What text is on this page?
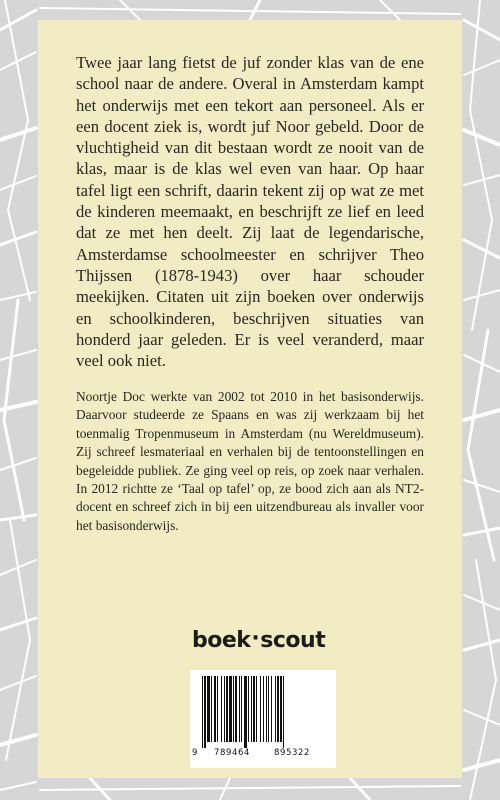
Twee jaar lang fietst de juf zonder klas van de ene school naar de andere. Overal in Amsterdam kampt het onderwijs met een tekort aan personeel. Als er een docent ziek is, wordt juf Noor gebeld. Door de vluchtigheid van dit bestaan wordt ze nooit van de klas, maar is de klas wel even van haar. Op haar tafel ligt een schrift, daarin tekent zij op wat ze met de kinderen meemaakt, en beschrijft ze lief en leed dat ze met hen deelt. Zij laat de legendarische, Amsterdamse schoolmeester en schrijver Theo Thijssen (1878-1943) over haar schouder meekijken. Citaten uit zijn boeken over onderwijs en schoolkinderen, beschrijven situaties van honderd jaar geleden. Er is veel veranderd, maar veel ook niet.

Noortje Doc werkte van 2002 tot 2010 in het basisonderwijs. Daarvoor studeerde ze Spaans en was zij werkzaam bij het toenmalig Tropenmuseum in Amsterdam (nu Wereldmuseum). Zij schreef lesmateriaal en verhalen bij de tentoonstellingen en begeleidde publiek. Ze ging veel op reis, op zoek naar verhalen. In 2012 richtte ze ‘Taal op tafel’ op, ze bood zich aan als NT2-docent en schreef zich in bij een uitzendbureau als invaller voor het basisonderwijs.

boek·scout
9 789464	895322
